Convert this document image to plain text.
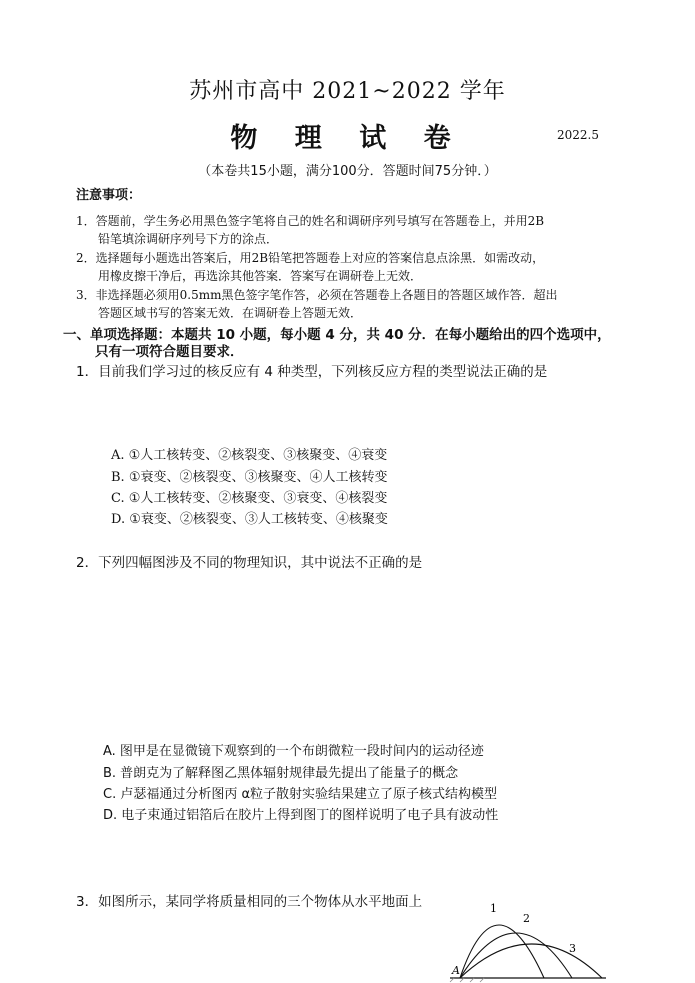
苏州市高中 2021~2022 学年
物 理 试 卷	2022.5
（本卷共15小题，满分100分．答题时间75分钟．）
注意事项：
1．答题前，学生务必用黑色签字笔将自己的姓名和调研序列号填写在答题卷上，并用2B
铅笔填涂调研序列号下方的涂点．
2．选择题每小题选出答案后，用2B铅笔把答题卷上对应的答案信息点涂黑．如需改动，
用橡皮擦干净后，再选涂其他答案．答案写在调研卷上无效．
3．非选择题必须用0.5mm黑色签字笔作答，必须在答题卷上各题目的答题区域作答．超出
答题区域书写的答案无效．在调研卷上答题无效．
一、单项选择题：本题共 10 小题，每小题 4 分，共 40 分．在每小题给出的四个选项中，
只有一项符合题目要求．
1．目前我们学习过的核反应有 4 种类型，下列核反应方程的类型说法正确的是
A. ①人工核转变、②核裂变、③核聚变、④衰变
B. ①衰变、②核裂变、③核聚变、④人工核转变
C. ①人工核转变、②核聚变、③衰变、④核裂变
D. ①衰变、②核裂变、③人工核转变、④核聚变
2．下列四幅图涉及不同的物理知识，其中说法不正确的是
A. 图甲是在显微镜下观察到的一个布朗微粒一段时间内的运动径迹
B. 普朗克为了解释图乙黑体辐射规律最先提出了能量子的概念
C. 卢瑟福通过分析图丙 α粒子散射实验结果建立了原子核式结构模型
D. 电子束通过铝箔后在胶片上得到图丁的图样说明了电子具有波动性
3．如图所示，某同学将质量相同的三个物体从水平地面上	1
2
3
A
